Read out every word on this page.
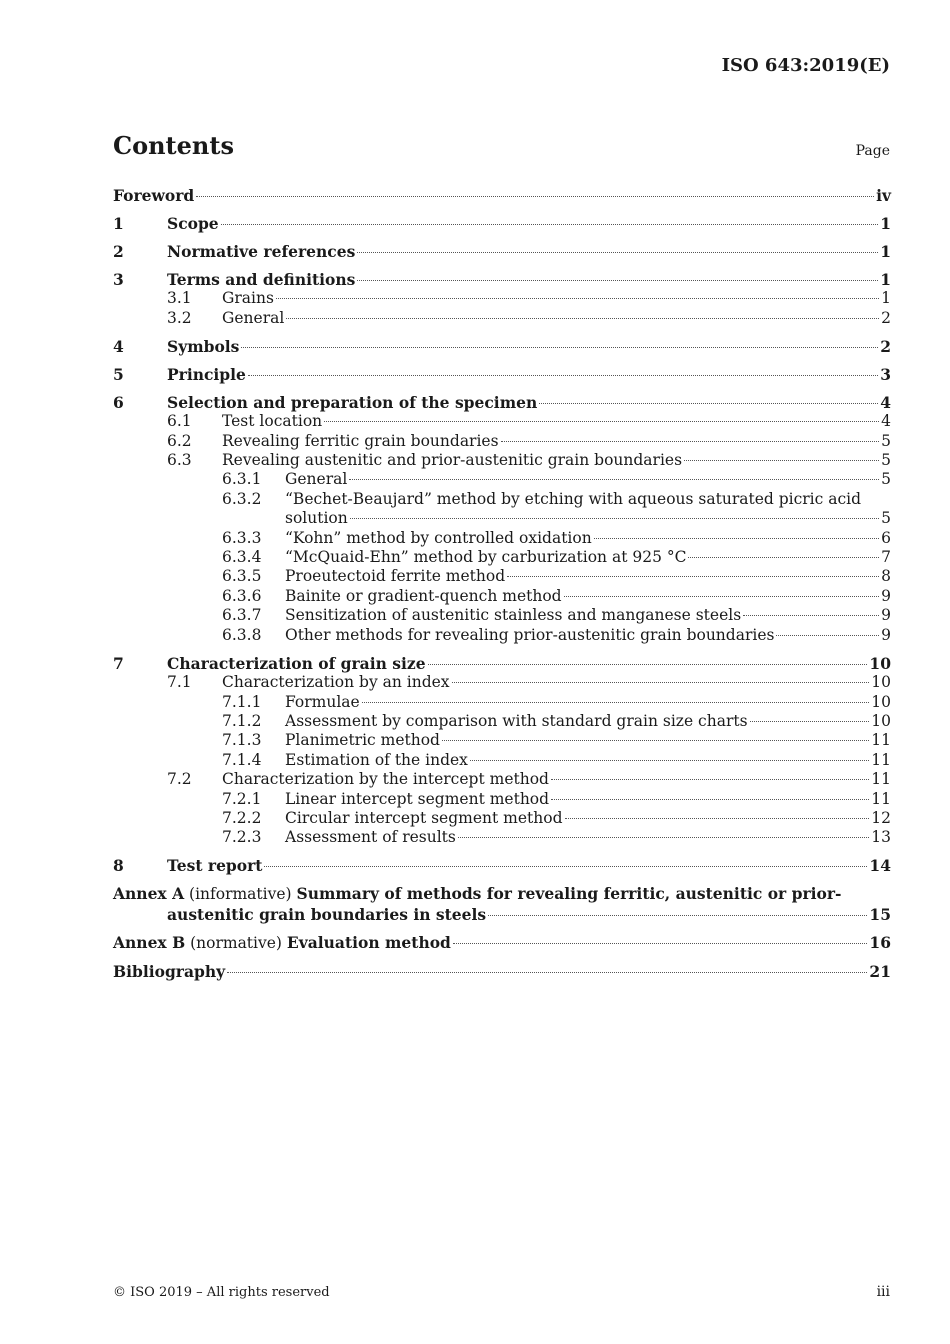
ISO 643:2019(E)
Contents	Page
Foreword	iv
1	Scope	1
2	Normative references	1
3	Terms and definitions	1
3.1	Grains	1
3.2	General	2
4	Symbols	2
5	Principle	3
6	Selection and preparation of the specimen	4
6.1	Test location	4
6.2	Revealing ferritic grain boundaries	5
6.3	Revealing austenitic and prior-austenitic grain boundaries	5
6.3.1	General	5
6.3.2	“Bechet-Beaujard” method by etching with aqueous saturated picric acid
solution	5
6.3.3	“Kohn” method by controlled oxidation	6
6.3.4	“McQuaid-Ehn” method by carburization at 925 °C	7
6.3.5	Proeutectoid ferrite method	8
6.3.6	Bainite or gradient-quench method	9
6.3.7	Sensitization of austenitic stainless and manganese steels	9
6.3.8	Other methods for revealing prior-austenitic grain boundaries	9
7	Characterization of grain size	10
7.1	Characterization by an index	10
7.1.1	Formulae	10
7.1.2	Assessment by comparison with standard grain size charts	10
7.1.3	Planimetric method	11
7.1.4	Estimation of the index	11
7.2	Characterization by the intercept method	11
7.2.1	Linear intercept segment method	11
7.2.2	Circular intercept segment method	12
7.2.3	Assessment of results	13
8	Test report	14
Annex A (informative) Summary of methods for revealing ferritic, austenitic or prior-
austenitic grain boundaries in steels	15
Annex B (normative) Evaluation method	16
Bibliography	21
© ISO 2019 – All rights reserved	iii
